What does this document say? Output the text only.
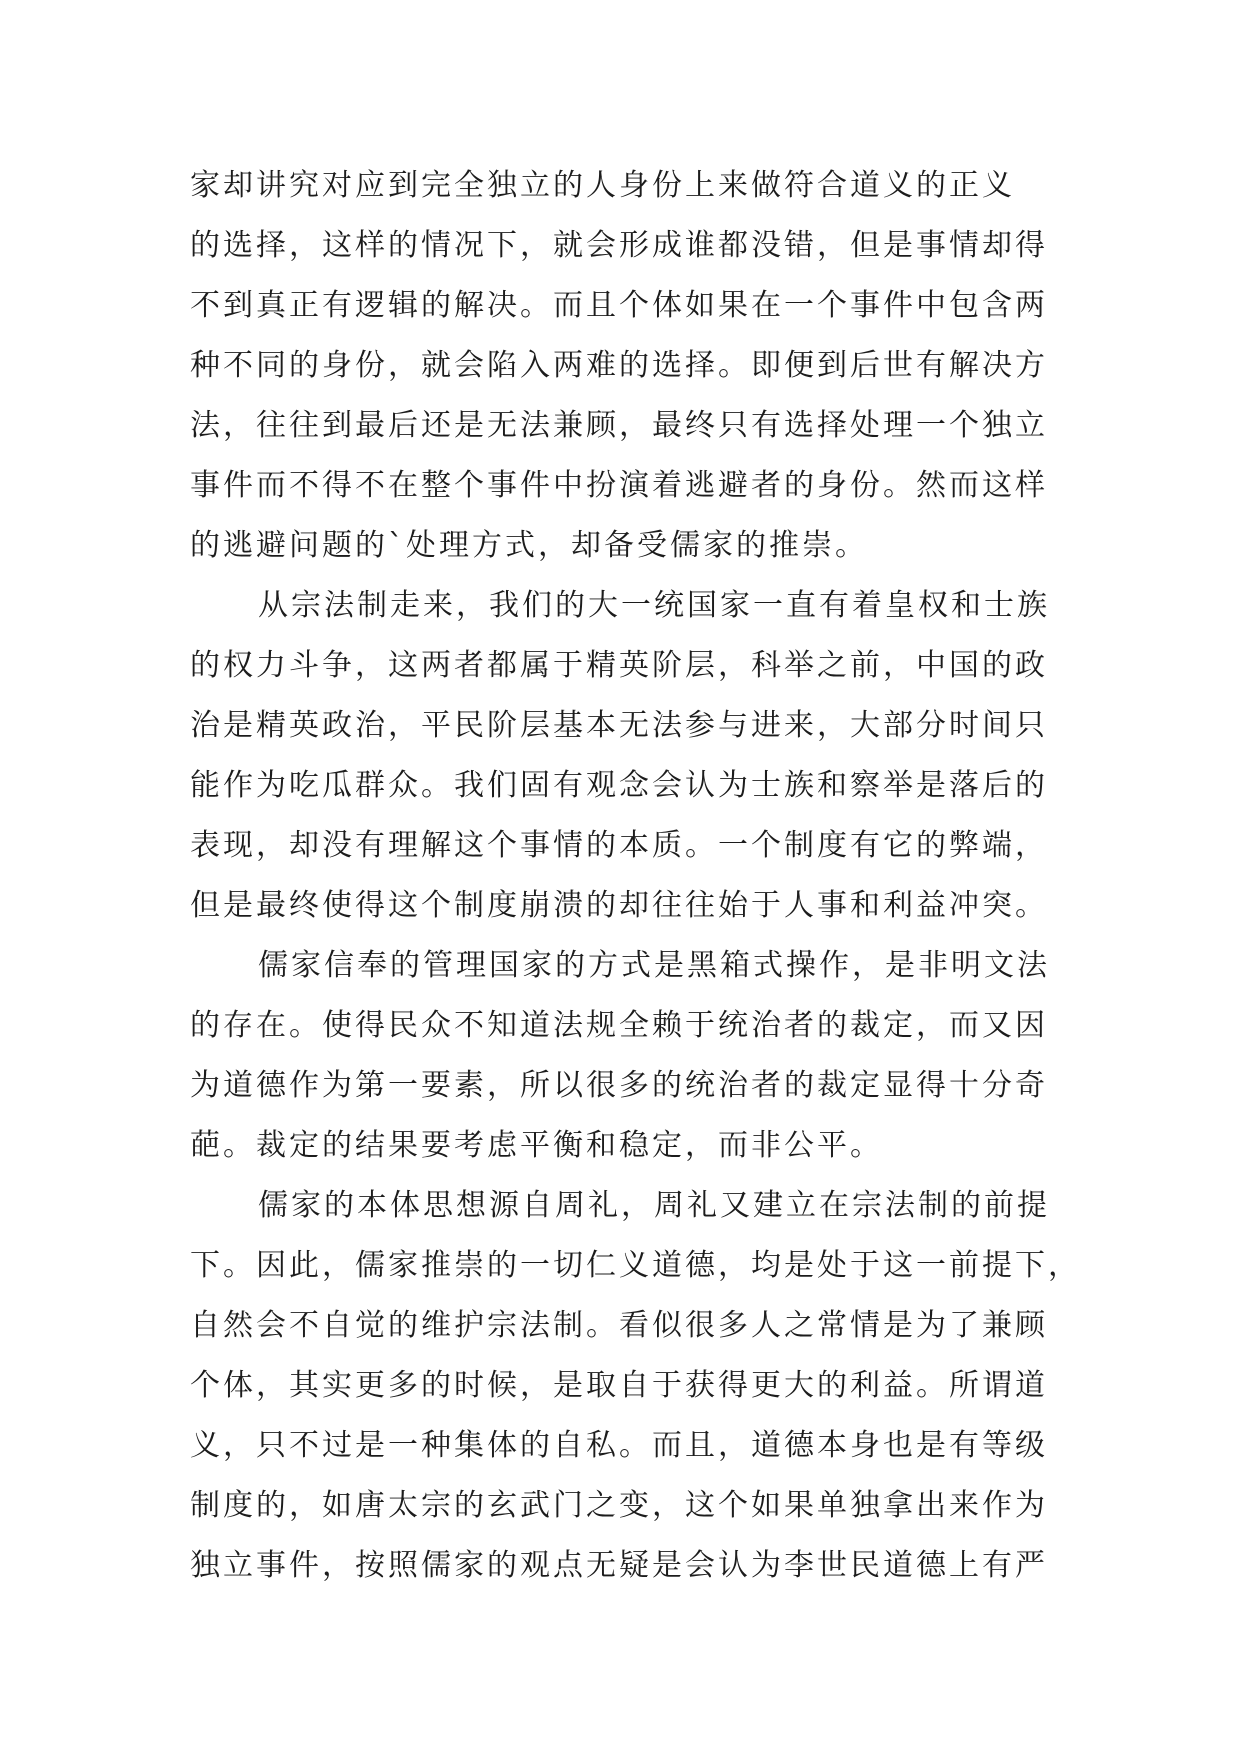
家却讲究对应到完全独立的人身份上来做符合道义的正义
的选择，这样的情况下，就会形成谁都没错，但是事情却得
不到真正有逻辑的解决。而且个体如果在一个事件中包含两
种不同的身份，就会陷入两难的选择。即便到后世有解决方
法，往往到最后还是无法兼顾，最终只有选择处理一个独立
事件而不得不在整个事件中扮演着逃避者的身份。然而这样
的逃避问题的`处理方式，却备受儒家的推崇。
从宗法制走来，我们的大一统国家一直有着皇权和士族
的权力斗争，这两者都属于精英阶层，科举之前，中国的政
治是精英政治，平民阶层基本无法参与进来，大部分时间只
能作为吃瓜群众。我们固有观念会认为士族和察举是落后的
表现，却没有理解这个事情的本质。一个制度有它的弊端，
但是最终使得这个制度崩溃的却往往始于人事和利益冲突。
儒家信奉的管理国家的方式是黑箱式操作，是非明文法
的存在。使得民众不知道法规全赖于统治者的裁定，而又因
为道德作为第一要素，所以很多的统治者的裁定显得十分奇
葩。裁定的结果要考虑平衡和稳定，而非公平。
儒家的本体思想源自周礼，周礼又建立在宗法制的前提
下。因此，儒家推崇的一切仁义道德，均是处于这一前提下，
自然会不自觉的维护宗法制。看似很多人之常情是为了兼顾
个体，其实更多的时候，是取自于获得更大的利益。所谓道
义，只不过是一种集体的自私。而且，道德本身也是有等级
制度的，如唐太宗的玄武门之变，这个如果单独拿出来作为
独立事件，按照儒家的观点无疑是会认为李世民道德上有严
